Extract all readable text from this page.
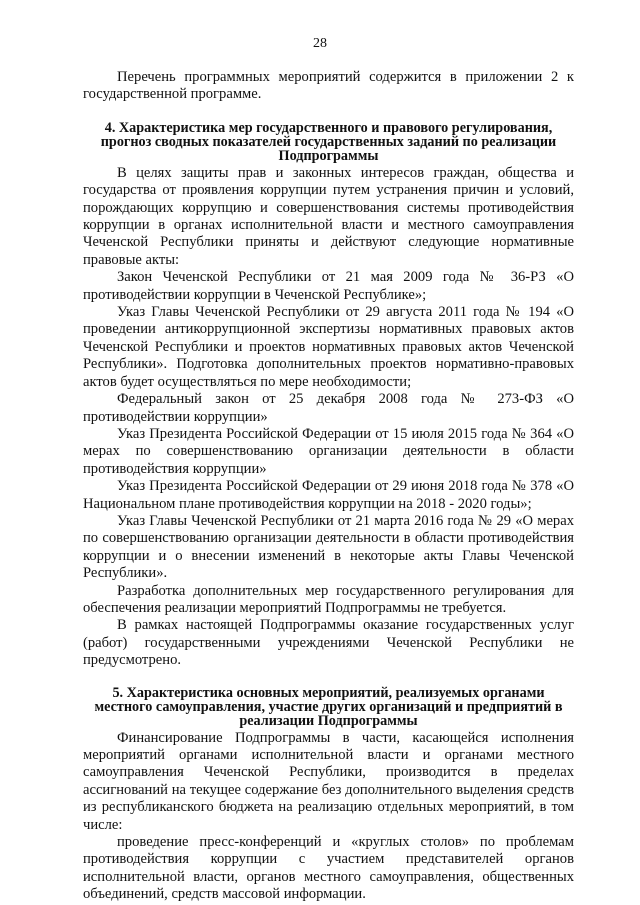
28

Перечень программных мероприятий содержится в приложении 2 к государственной программе.

4. Характеристика мер государственного и правового регулирования, прогноз сводных показателей государственных заданий по реализации Подпрограммы

В целях защиты прав и законных интересов граждан, общества и государства от проявления коррупции путем устранения причин и условий, порождающих коррупцию и совершенствования системы противодействия коррупции в органах исполнительной власти и местного самоуправления Чеченской Республики приняты и действуют следующие нормативные правовые акты:

Закон Чеченской Республики от 21 мая 2009 года № 36-РЗ «О противодействии коррупции в Чеченской Республике»;

Указ Главы Чеченской Республики от 29 августа 2011 года № 194 «О проведении антикоррупционной экспертизы нормативных правовых актов Чеченской Республики и проектов нормативных правовых актов Чеченской Республики». Подготовка дополнительных проектов нормативно-правовых актов будет осуществляться по мере необходимости;

Федеральный закон от 25 декабря 2008 года № 273-ФЗ «О противодействии коррупции»

Указ Президента Российской Федерации от 15 июля 2015 года № 364 «О мерах по совершенствованию организации деятельности в области противодействия коррупции»

Указ Президента Российской Федерации от 29 июня 2018 года № 378 «О Национальном плане противодействия коррупции на 2018 - 2020 годы»;

Указ Главы Чеченской Республики от 21 марта 2016 года № 29 «О мерах по совершенствованию организации деятельности в области противодействия коррупции и о внесении изменений в некоторые акты Главы Чеченской Республики».

Разработка дополнительных мер государственного регулирования для обеспечения реализации мероприятий Подпрограммы не требуется.

В рамках настоящей Подпрограммы оказание государственных услуг (работ) государственными учреждениями Чеченской Республики не предусмотрено.

5. Характеристика основных мероприятий, реализуемых органами местного самоуправления, участие других организаций и предприятий в реализации Подпрограммы

Финансирование Подпрограммы в части, касающейся исполнения мероприятий органами исполнительной власти и органами местного самоуправления Чеченской Республики, производится в пределах ассигнований на текущее содержание без дополнительного выделения средств из республиканского бюджета на реализацию отдельных мероприятий, в том числе:

проведение пресс-конференций и «круглых столов» по проблемам противодействия коррупции с участием представителей органов исполнительной власти, органов местного самоуправления, общественных объединений, средств массовой информации.
